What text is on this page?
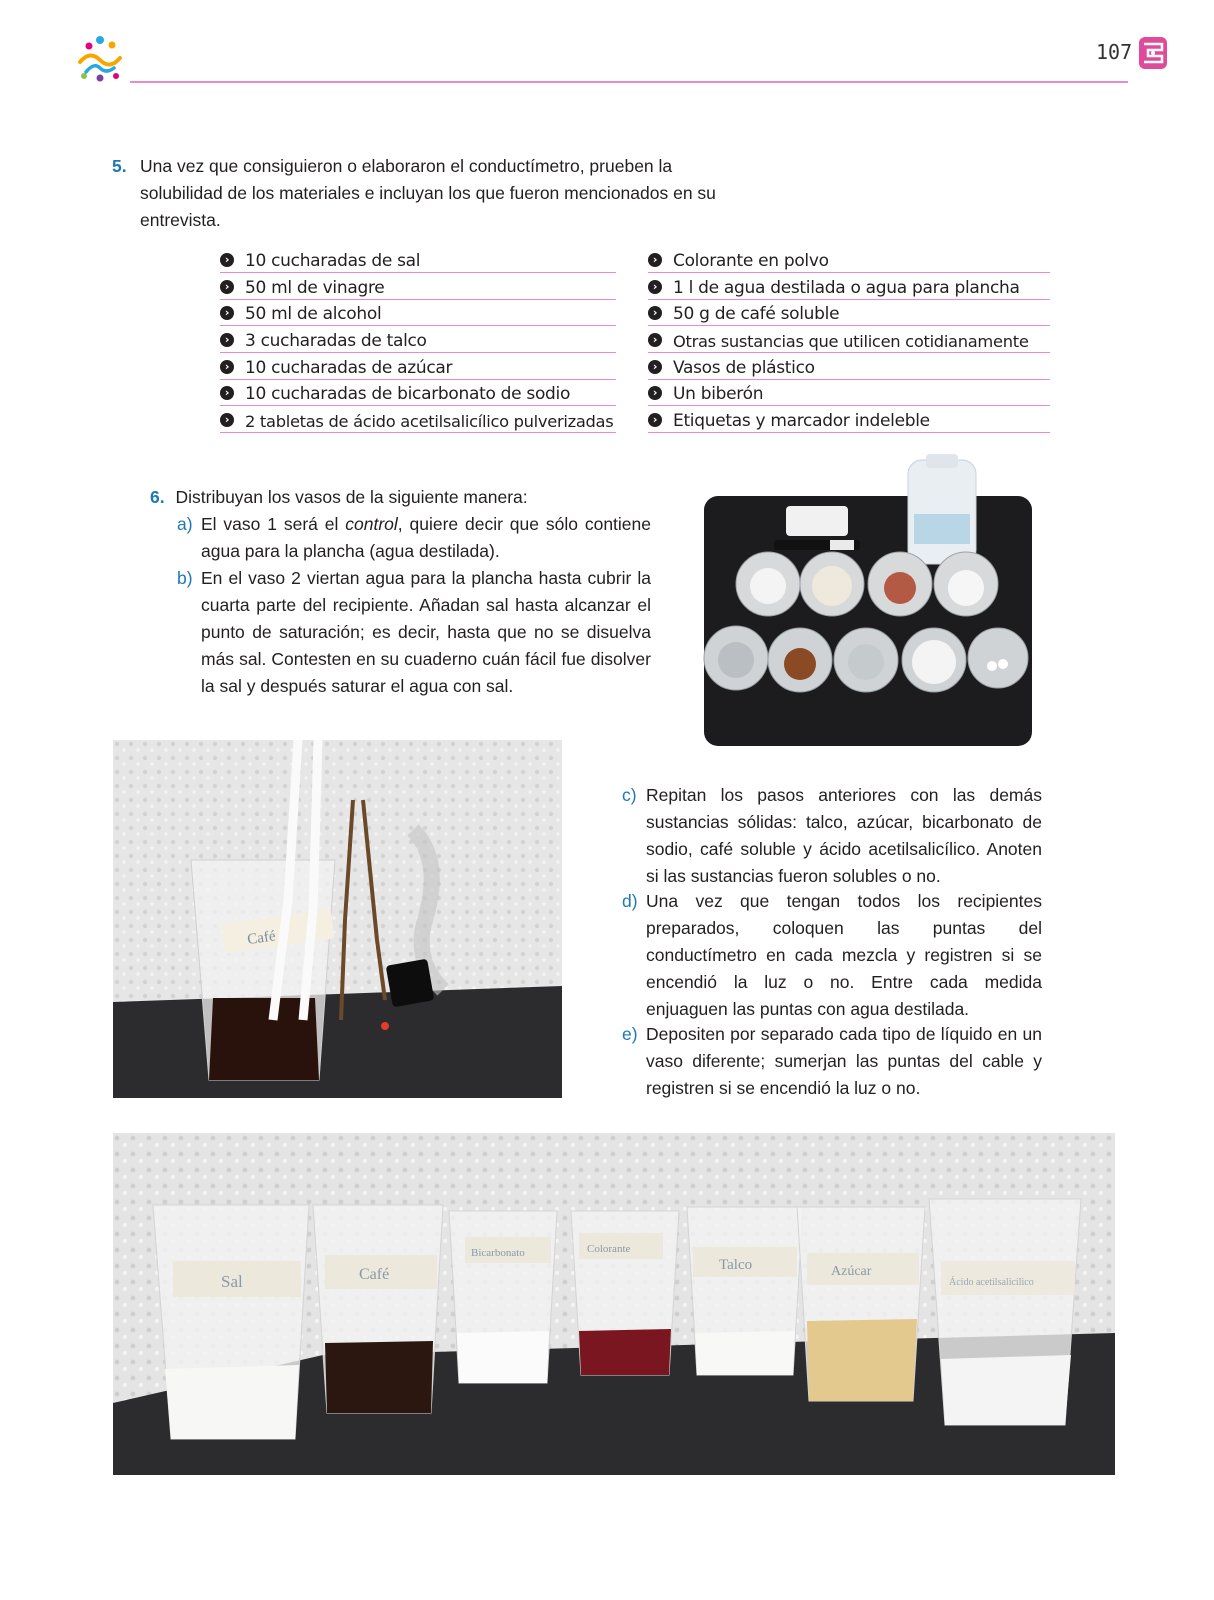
107
5. Una vez que consiguieron o elaboraron el conductímetro, prueben la solubilidad de los materiales e incluyan los que fueron mencionados en su entrevista.
› 10 cucharadas de sal
› 50 ml de vinagre
› 50 ml de alcohol
› 3 cucharadas de talco
› 10 cucharadas de azúcar
› 10 cucharadas de bicarbonato de sodio
› 2 tabletas de ácido acetilsalicílico pulverizadas
› Colorante en polvo
› 1 l de agua destilada o agua para plancha
› 50 g de café soluble
› Otras sustancias que utilicen cotidianamente
› Vasos de plástico
› Un biberón
› Etiquetas y marcador indeleble
6. Distribuyan los vasos de la siguiente manera:
a) El vaso 1 será el control, quiere decir que sólo contiene agua para la plancha (agua destilada).
b) En el vaso 2 viertan agua para la plancha hasta cubrir la cuarta parte del recipiente. Añadan sal hasta alcanzar el punto de saturación; es decir, hasta que no se disuelva más sal. Contesten en su cuaderno cuán fácil fue disolver la sal y después saturar el agua con sal.
Café
c) Repitan los pasos anteriores con las demás sustancias sólidas: talco, azúcar, bicarbonato de sodio, café soluble y ácido acetilsalicílico. Anoten si las sustancias fueron solubles o no.
d) Una vez que tengan todos los recipientes preparados, coloquen las puntas del conductímetro en cada mezcla y registren si se encendió la luz o no. Entre cada medida enjuaguen las puntas con agua destilada.
e) Depositen por separado cada tipo de líquido en un vaso diferente; sumerjan las puntas del cable y registren si se encendió la luz o no.
Sal	Café
Bicarbonato	Colorante
Talco	Azúcar
Ácido acetilsalicílico
